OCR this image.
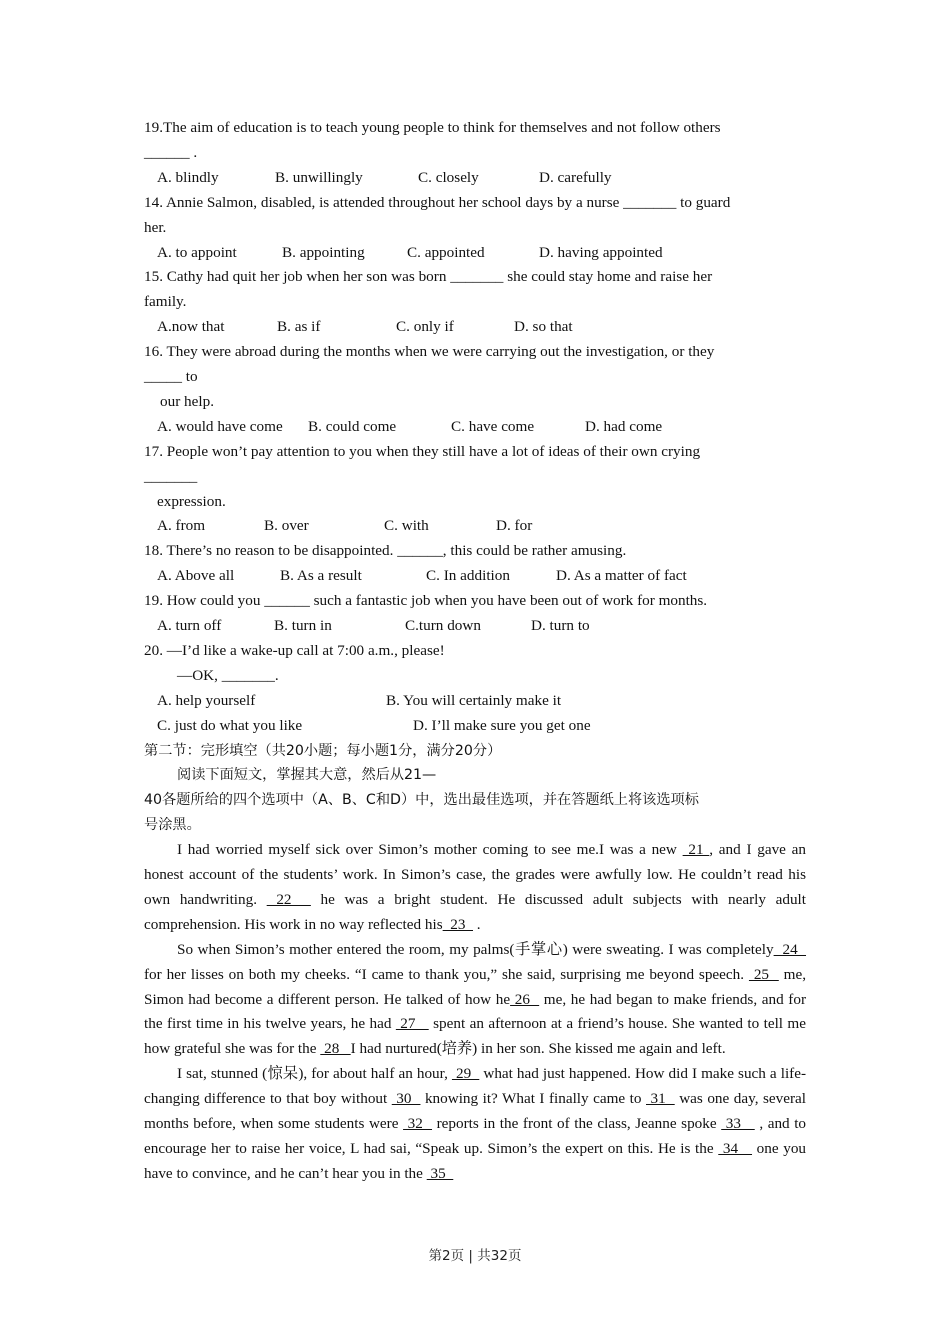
19.The aim of education is to teach young people to think for themselves and not follow others

______ .

A. blindly	B. unwillingly	C. closely	D. carefully

14. Annie Salmon, disabled, is attended throughout her school days by a nurse _______ to guard

her.

A. to appoint	B. appointing	C. appointed	D. having appointed

15. Cathy had quit her job when her son was born _______ she could stay home and raise her

family.

A.now that	B. as if	C. only if	D. so that

16. They were abroad during the months when we were carrying out the investigation, or they

_____ to

our help.

A. would have come	B. could come	C. have come	D. had come

17. People won’t pay attention to you when they still have a lot of ideas of their own crying

_______

expression.

A. from	B. over	C. with	D. for

18. There’s no reason to be disappointed. ______, this could be rather amusing.

A. Above all	B. As a result	C. In addition	D. As a matter of fact

19. How could you ______ such a fantastic job when you have been out of work for months.

A. turn off	B. turn in	C.turn down	D. turn to

20. —I’d like a wake-up call at 7:00 a.m., please!

—OK, _______.

A. help yourself	B. You will certainly make it
C. just do what you like	D. I’ll make sure you get one

第二节：完形填空（共20小题；每小题1分，满分20分）

阅读下面短文，掌握其大意，然后从21—

40各题所给的四个选项中（A、B、C和D）中，选出最佳选项，并在答题纸上将该选项标

号涂黑。

I had worried myself sick over Simon’s mother coming to see me.I was a new  21 , and I gave an honest account of the students’ work. In Simon’s case, the grades were awfully low. He couldn’t read his own handwriting.  22   he was a bright student. He discussed adult subjects with nearly adult comprehension. His work in no way reflected his  23   .

So when Simon’s mother entered the room, my palms(手掌心) were sweating. I was completely  24   for her lisses on both my cheeks. “I came to thank you,” she said, surprising me beyond speech.  25   me, Simon had become a different person. He talked of how he 26   me, he had began to make friends, and for the first time in his twelve years, he had  27    spent an afternoon at a friend’s house. She wanted to tell me how grateful she was for the  28   I had nurtured(培养) in her son. She kissed me again and left.

I sat, stunned (惊呆), for about half an hour,  29   what had just happened. How did I make such a life-changing difference to that boy without  30   knowing it? What I finally came to  31   was one day, several months before, when some students were  32   reports in the front of the class, Jeanne spoke  33    , and to encourage her to raise her voice, L had sai, “Speak up. Simon’s the expert on this. He is the  34    one you have to convince, and he can’t hear you in the  35

第2页 | 共32页
